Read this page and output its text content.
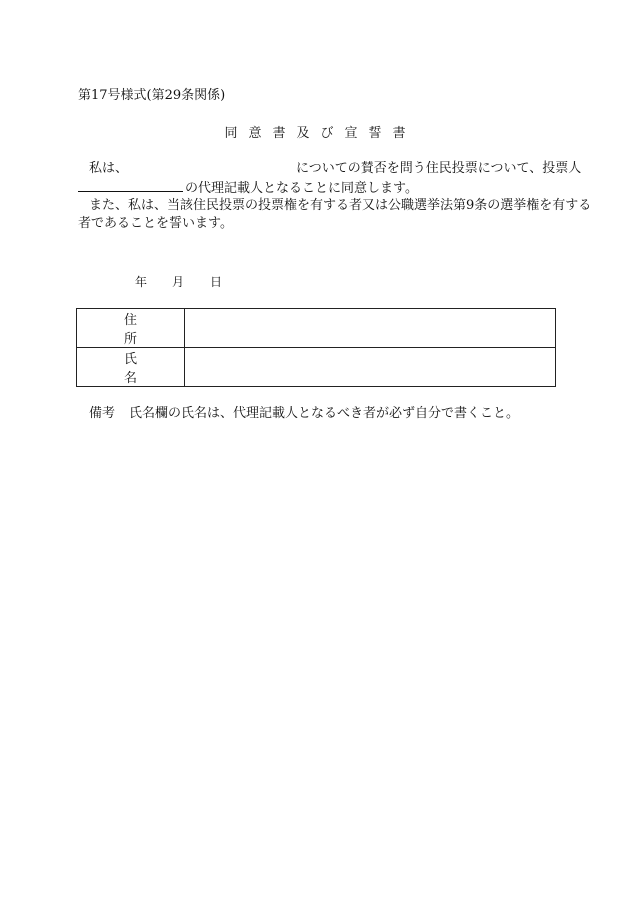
第17号様式(第29条関係)
同意書及び宣誓書
私は、	についての賛否を問う住民投票について、投票人
の代理記載人となることに同意します。
また、私は、当該住民投票の投票権を有する者又は公職選挙法第9条の選挙権を有する
者であることを誓います。
年 月 日
住所	
氏名	
備考 氏名欄の氏名は、代理記載人となるべき者が必ず自分で書くこと。
